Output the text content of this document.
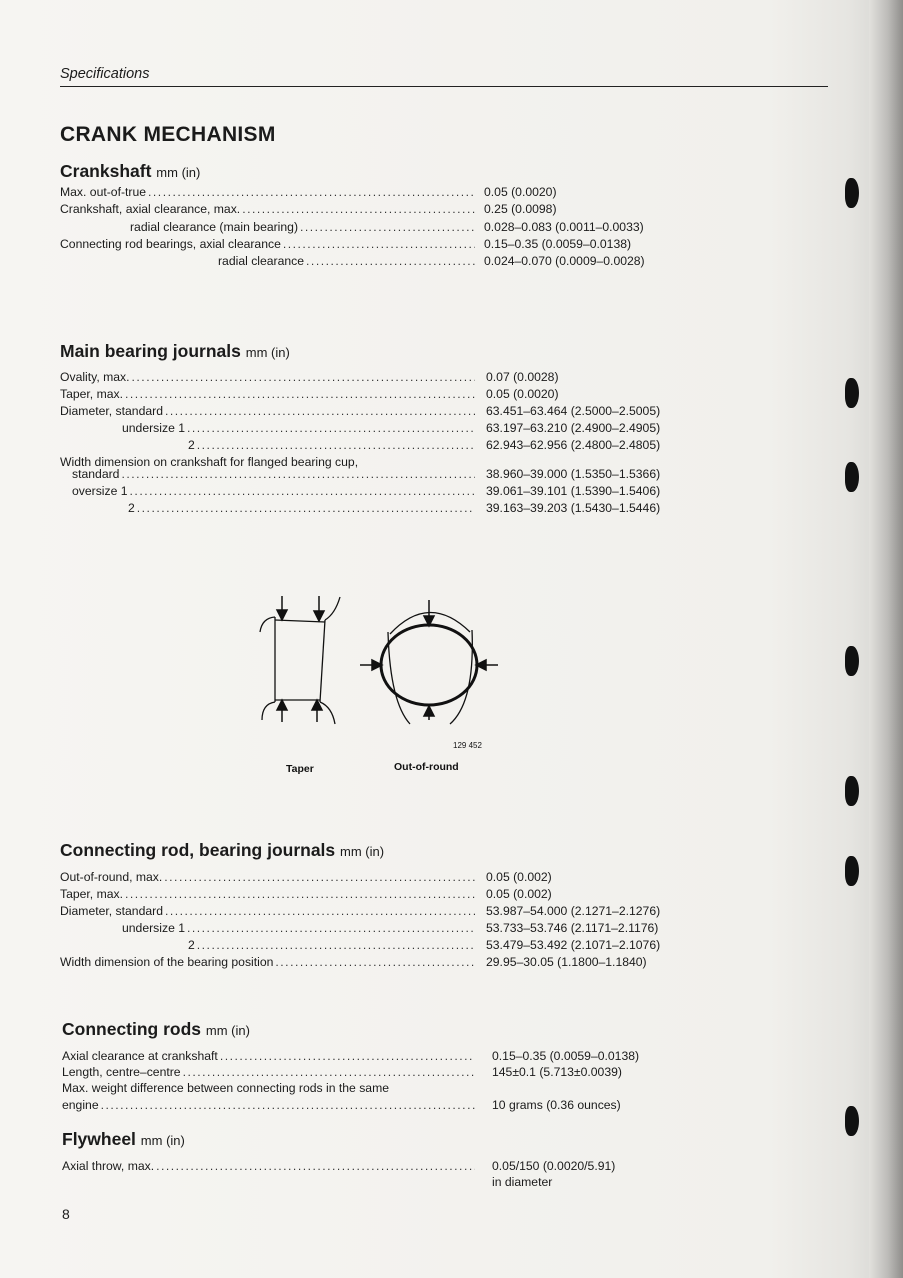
Specifications
CRANK MECHANISM
Crankshaft mm (in)
Max. out-of-true .....	0.05 (0.0020)
Crankshaft, axial clearance, max. .....	0.25 (0.0098)
radial clearance (main bearing) .....	0.028–0.083 (0.0011–0.0033)
Connecting rod bearings, axial clearance .....	0.15–0.35 (0.0059–0.0138)
radial clearance .....	0.024–0.070 (0.0009–0.0028)
Main bearing journals mm (in)
Ovality, max. .....	0.07 (0.0028)
Taper, max. .....	0.05 (0.0020)
Diameter, standard .....	63.451–63.464 (2.5000–2.5005)
undersize 1 .....	63.197–63.210 (2.4900–2.4905)
2 .....	62.943–62.956 (2.4800–2.4805)
Width dimension on crankshaft for flanged bearing cup,
standard .....	38.960–39.000 (1.5350–1.5366)
oversize 1 .....	39.061–39.101 (1.5390–1.5406)
2 .....	39.163–39.203 (1.5430–1.5446)
129 452
Taper	Out-of-round
Connecting rod, bearing journals mm (in)
Out-of-round, max. .....	0.05 (0.002)
Taper, max. .....	0.05 (0.002)
Diameter, standard .....	53.987–54.000 (2.1271–2.1276)
undersize 1 .....	53.733–53.746 (2.1171–2.1176)
2 .....	53.479–53.492 (2.1071–2.1076)
Width dimension of the bearing position .....	29.95–30.05 (1.1800–1.1840)
Connecting rods mm (in)
Axial clearance at crankshaft .....	0.15–0.35 (0.0059–0.0138)
Length, centre–centre .....	145±0.1 (5.713±0.0039)
Max. weight difference between connecting rods in the same
engine .....	10 grams (0.36 ounces)
Flywheel mm (in)
Axial throw, max. .....	0.05/150 (0.0020/5.91)
in diameter
8
